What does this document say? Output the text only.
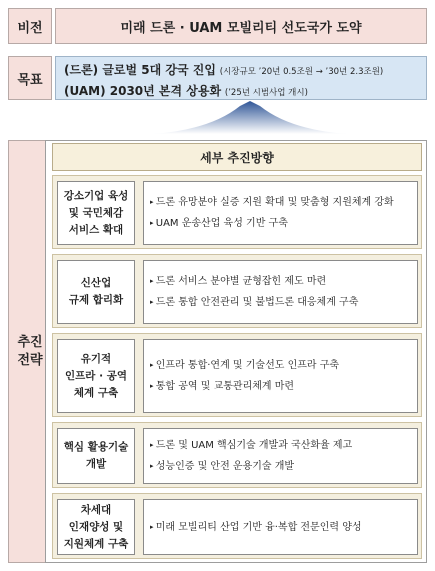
비전	미래 드론 · UAM 모빌리티 선도국가 도약
목표
(드론) 글로벌 5대 강국 진입 (시장규모 ’20년 0.5조원 → ’30년 2.3조원)
(UAM) 2030년 본격 상용화 (’25년 시범사업 개시)
추진
전략
세부 추진방향
강소기업 육성
및 국민체감
서비스 확대
▸ 드론 유망분야 실증 지원 확대 및 맞춤형 지원체계 강화
▸ UAM 운송산업 육성 기반 구축
신산업
규제 합리화
▸ 드론 서비스 분야별 균형잡힌 제도 마련
▸ 드론 통합 안전관리 및 불법드론 대응체계 구축
유기적
인프라 · 공역
체계 구축
▸ 인프라 통합·연계 및 기술선도 인프라 구축
▸ 통합 공역 및 교통관리체계 마련
핵심 활용기술
개발
▸ 드론 및 UAM 핵심기술 개발과 국산화율 제고
▸ 성능인증 및 안전 운용기술 개발
차세대
인재양성 및
지원체계 구축
▸ 미래 모빌리티 산업 기반 융·복합 전문인력 양성
